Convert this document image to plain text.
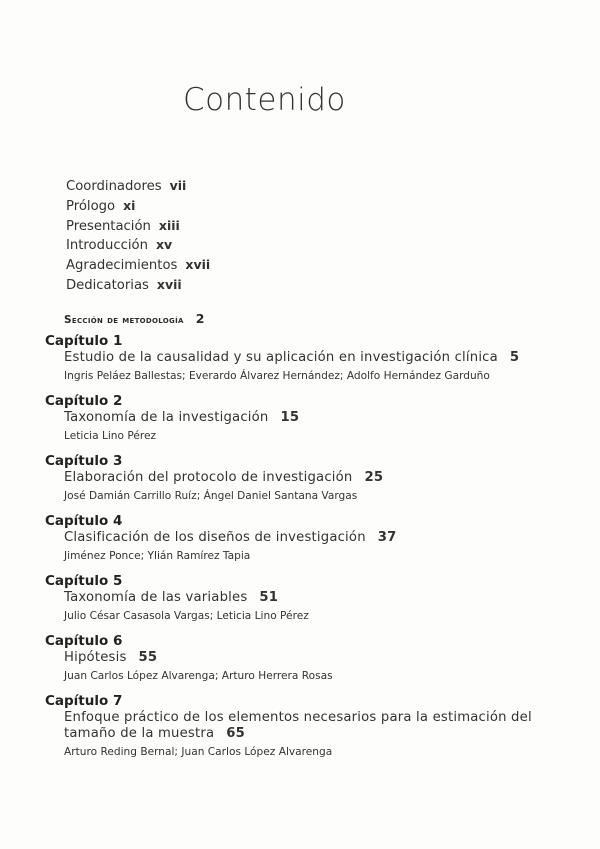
Contenido
Coordinadores vii
Prólogo xi
Presentación xiii
Introducción xv
Agradecimientos xvii
Dedicatorias xvii
Sección de metodología 2
Capítulo 1
Estudio de la causalidad y su aplicación en investigación clínica 5
Ingris Peláez Ballestas; Everardo Álvarez Hernández; Adolfo Hernández Garduño
Capítulo 2
Taxonomía de la investigación 15
Leticia Lino Pérez
Capítulo 3
Elaboración del protocolo de investigación 25
José Damián Carrillo Ruíz; Ángel Daniel Santana Vargas
Capítulo 4
Clasificación de los diseños de investigación 37
Jiménez Ponce; Ylián Ramírez Tapia
Capítulo 5
Taxonomía de las variables 51
Julio César Casasola Vargas; Leticia Lino Pérez
Capítulo 6
Hipótesis 55
Juan Carlos López Alvarenga; Arturo Herrera Rosas
Capítulo 7
Enfoque práctico de los elementos necesarios para la estimación del tamaño de la muestra 65
Arturo Reding Bernal; Juan Carlos López Alvarenga
